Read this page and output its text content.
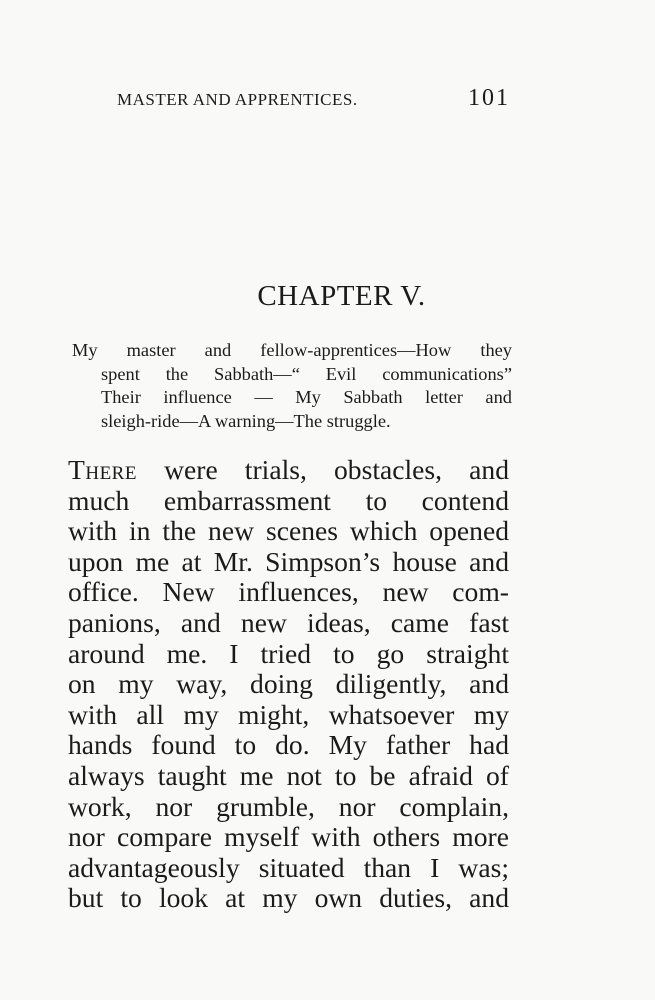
MASTER AND APPRENTICES.	101
CHAPTER V.
My master and fellow-apprentices—How they
spent the Sabbath—“ Evil communications”
Their influence — My Sabbath letter and
sleigh-ride—A warning—The struggle.
There were trials, obstacles, and
much embarrassment to contend
with in the new scenes which opened
upon me at Mr. Simpson’s house and
office. New influences, new com-
panions, and new ideas, came fast
around me. I tried to go straight
on my way, doing diligently, and
with all my might, whatsoever my
hands found to do. My father had
always taught me not to be afraid of
work, nor grumble, nor complain,
nor compare myself with others more
advantageously situated than I was;
but to look at my own duties, and
